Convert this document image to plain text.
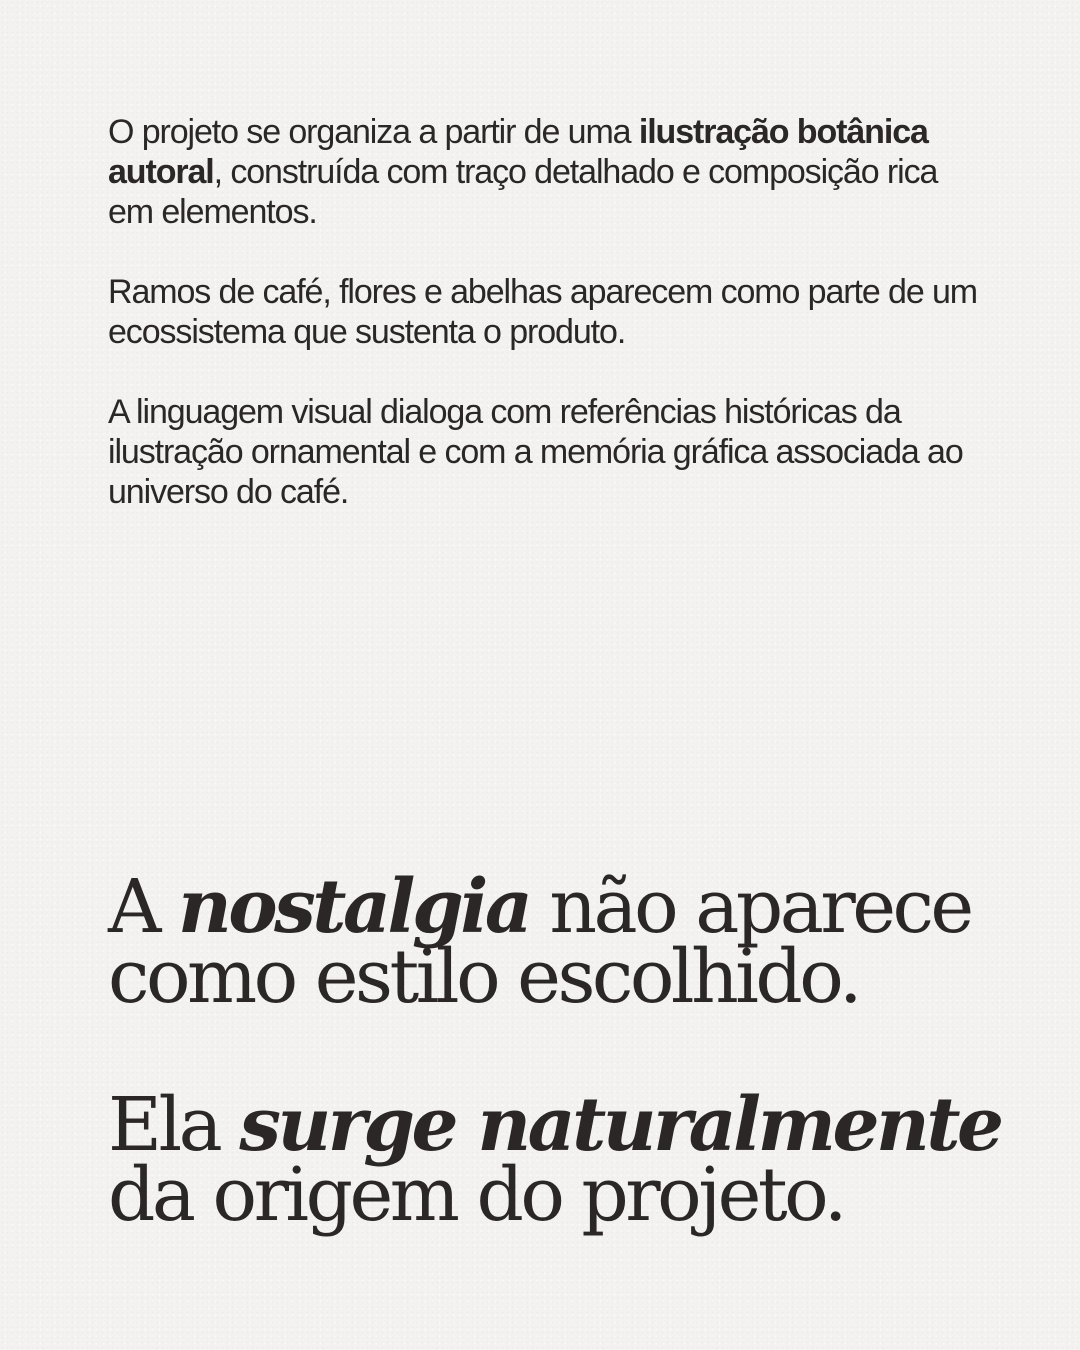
O projeto se organiza a partir de uma ilustração botânica autoral, construída com traço detalhado e composição rica em elementos.

Ramos de café, flores e abelhas aparecem como parte de um ecossistema que sustenta o produto.

A linguagem visual dialoga com referências históricas da ilustração ornamental e com a memória gráfica associada ao universo do café.

A nostalgia não aparece

como estilo escolhido.

Ela surge naturalmente

da origem do projeto.
